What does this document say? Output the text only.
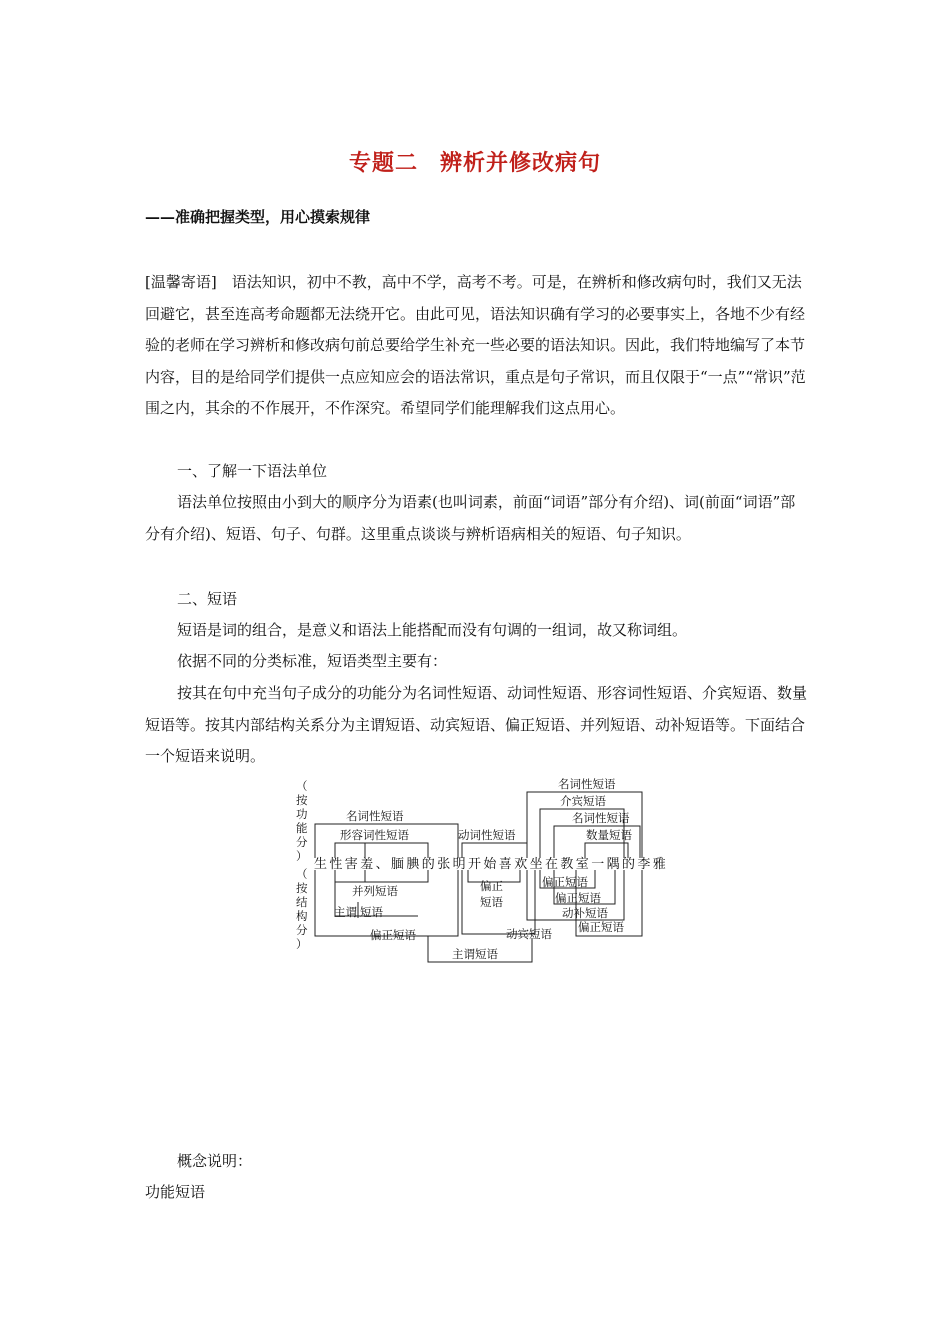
专题二 辨析并修改病句
——准确把握类型，用心摸索规律
[温馨寄语]　语法知识，初中不教，高中不学，高考不考。可是，在辨析和修改病句时，我们又无法回避它，甚至连高考命题都无法绕开它。由此可见，语法知识确有学习的必要事实上，各地不少有经验的老师在学习辨析和修改病句前总要给学生补充一些必要的语法知识。因此，我们特地编写了本节内容，目的是给同学们提供一点应知应会的语法常识，重点是句子常识，而且仅限于“一点”“常识”范围之内，其余的不作展开，不作深究。希望同学们能理解我们这点用心。
一、了解一下语法单位
语法单位按照由小到大的顺序分为语素(也叫词素，前面“词语”部分有介绍)、词(前面“词语”部分有介绍)、短语、句子、句群。这里重点谈谈与辨析语病相关的短语、句子知识。
二、短语
短语是词的组合，是意义和语法上能搭配而没有句调的一组词，故又称词组。
依据不同的分类标准，短语类型主要有：
按其在句中充当句子成分的功能分为名词性短语、动词性短语、形容词性短语、介宾短语、数量短语等。按其内部结构关系分为主谓短语、动宾短语、偏正短语、并列短语、动补短语等。下面结合一个短语来说明。
（
按
功
能
分
）
（
按
结
构
分
）
生 性 害 羞 、 腼 腆 的 张 明 开 始 喜 欢 坐 在 教 室 一 隅 的 李 雅
名词性短语
形容词性短语	动词性短语
名词性短语
介宾短语
名词性短语
数量短语
并列短语
主谓 短语
偏正短语
偏正
短语
动宾短语
主谓短语
偏正短语
偏正短语
动补短语
偏正短语
概念说明：
功能短语
